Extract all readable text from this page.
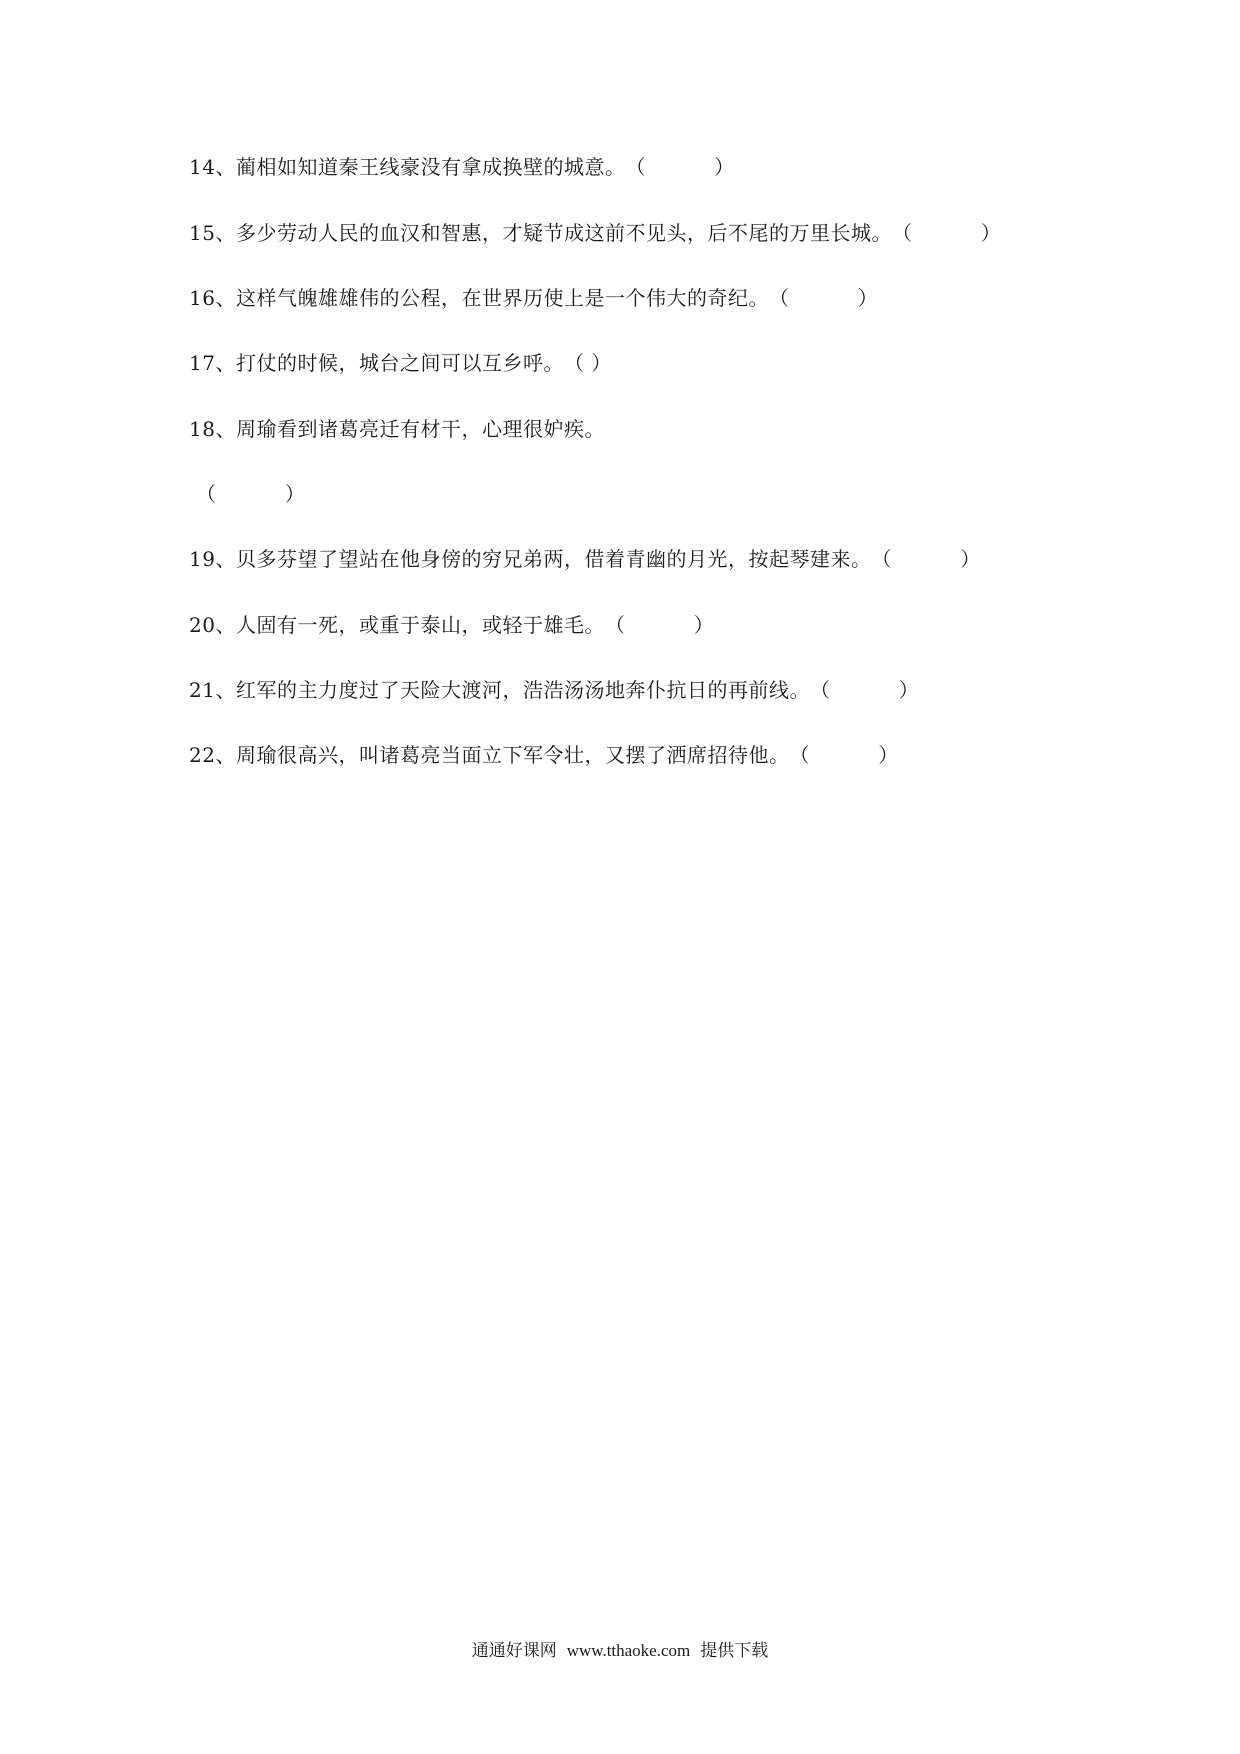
14、蔺相如知道秦王线豪没有拿成换壁的城意。（　　　 ）
15、多少劳动人民的血汉和智惠，才疑节成这前不见头，后不尾的万里长城。（　　　 ）
16、这样气魄雄雄伟的公程，在世界历使上是一个伟大的奇纪。（　　　 ）
17、打仗的时候，城台之间可以互乡呼。（ ）
18、周瑜看到诸葛亮迁有材干，心理很妒疾。
（　　　 ）
19、贝多芬望了望站在他身傍的穷兄弟两，借着青幽的月光，按起琴建来。（　　　 ）
20、人固有一死，或重于泰山，或轻于雄毛。（　　　 ）
21、红军的主力度过了天险大渡河，浩浩汤汤地奔仆抗日的再前线。（　　　 ）
22、周瑜很高兴，叫诸葛亮当面立下军令壮，又摆了洒席招待他。（　　　 ）
通通好课网 www.tthaoke.com 提供下载
